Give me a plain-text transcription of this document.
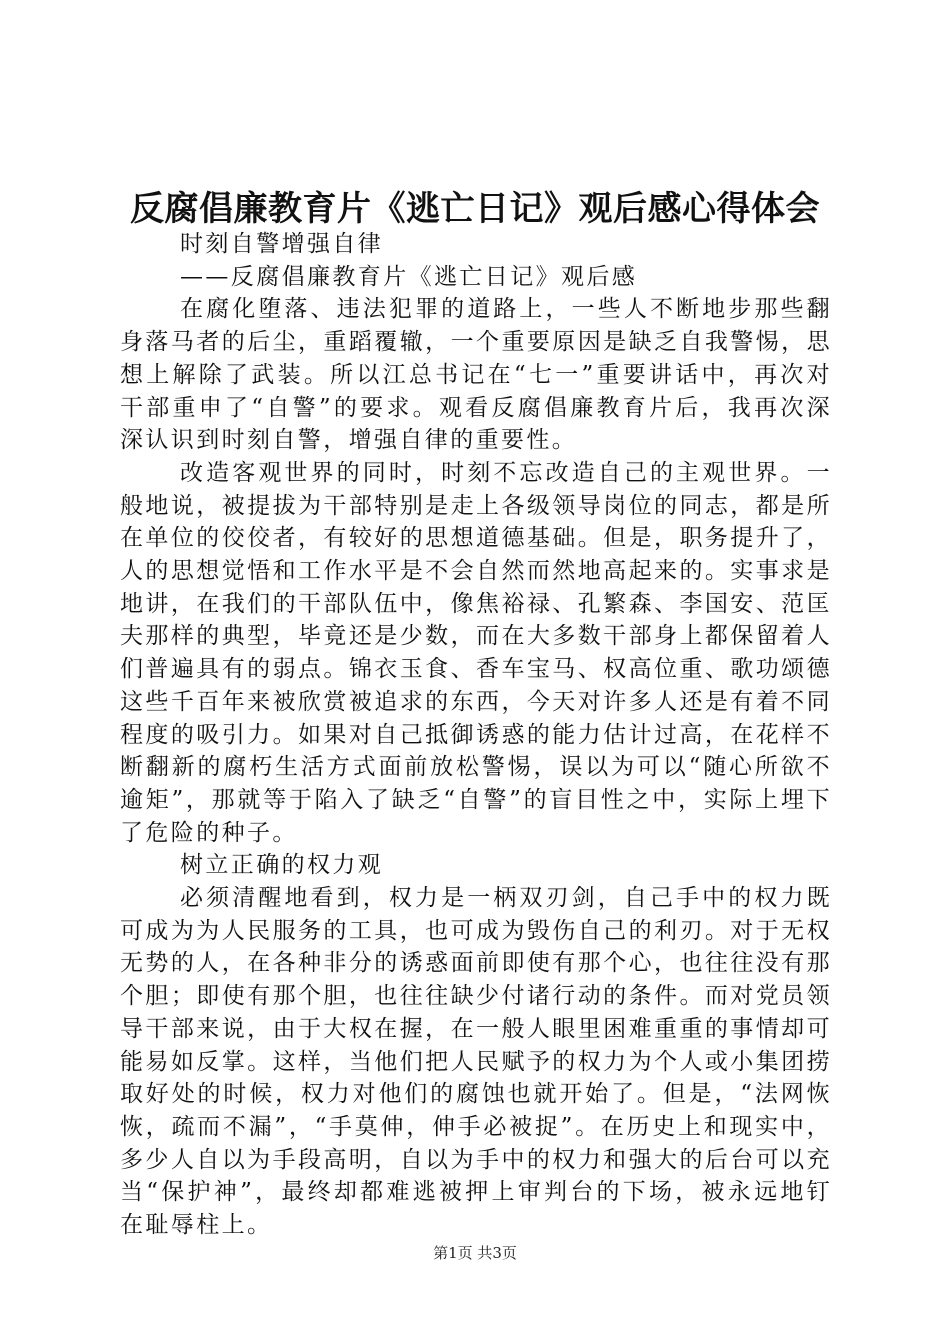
反腐倡廉教育片《逃亡日记》观后感心得体会

时刻自警增强自律

——反腐倡廉教育片《逃亡日记》观后感

在腐化堕落、违法犯罪的道路上，一些人不断地步那些翻身落马者的后尘，重蹈覆辙，一个重要原因是缺乏自我警惕，思想上解除了武装。所以江总书记在“七一”重要讲话中，再次对干部重申了“自警”的要求。观看反腐倡廉教育片后，我再次深深认识到时刻自警，增强自律的重要性。

改造客观世界的同时，时刻不忘改造自己的主观世界。一般地说，被提拔为干部特别是走上各级领导岗位的同志，都是所在单位的佼佼者，有较好的思想道德基础。但是，职务提升了，人的思想觉悟和工作水平是不会自然而然地高起来的。实事求是地讲，在我们的干部队伍中，像焦裕禄、孔繁森、李国安、范匡夫那样的典型，毕竟还是少数，而在大多数干部身上都保留着人们普遍具有的弱点。锦衣玉食、香车宝马、权高位重、歌功颂德这些千百年来被欣赏被追求的东西，今天对许多人还是有着不同程度的吸引力。如果对自己抵御诱惑的能力估计过高，在花样不断翻新的腐朽生活方式面前放松警惕，误以为可以“随心所欲不逾矩”，那就等于陷入了缺乏“自警”的盲目性之中，实际上埋下了危险的种子。

树立正确的权力观

必须清醒地看到，权力是一柄双刃剑，自己手中的权力既可成为为人民服务的工具，也可成为毁伤自己的利刃。对于无权无势的人，在各种非分的诱惑面前即使有那个心，也往往没有那个胆；即使有那个胆，也往往缺少付诸行动的条件。而对党员领导干部来说，由于大权在握，在一般人眼里困难重重的事情却可能易如反掌。这样，当他们把人民赋予的权力为个人或小集团捞取好处的时候，权力对他们的腐蚀也就开始了。但是，“法网恢恢，疏而不漏”，“手莫伸，伸手必被捉”。在历史上和现实中，多少人自以为手段高明，自以为手中的权力和强大的后台可以充当“保护神”，最终却都难逃被押上审判台的下场，被永远地钉在耻辱柱上。

第1页 共3页
